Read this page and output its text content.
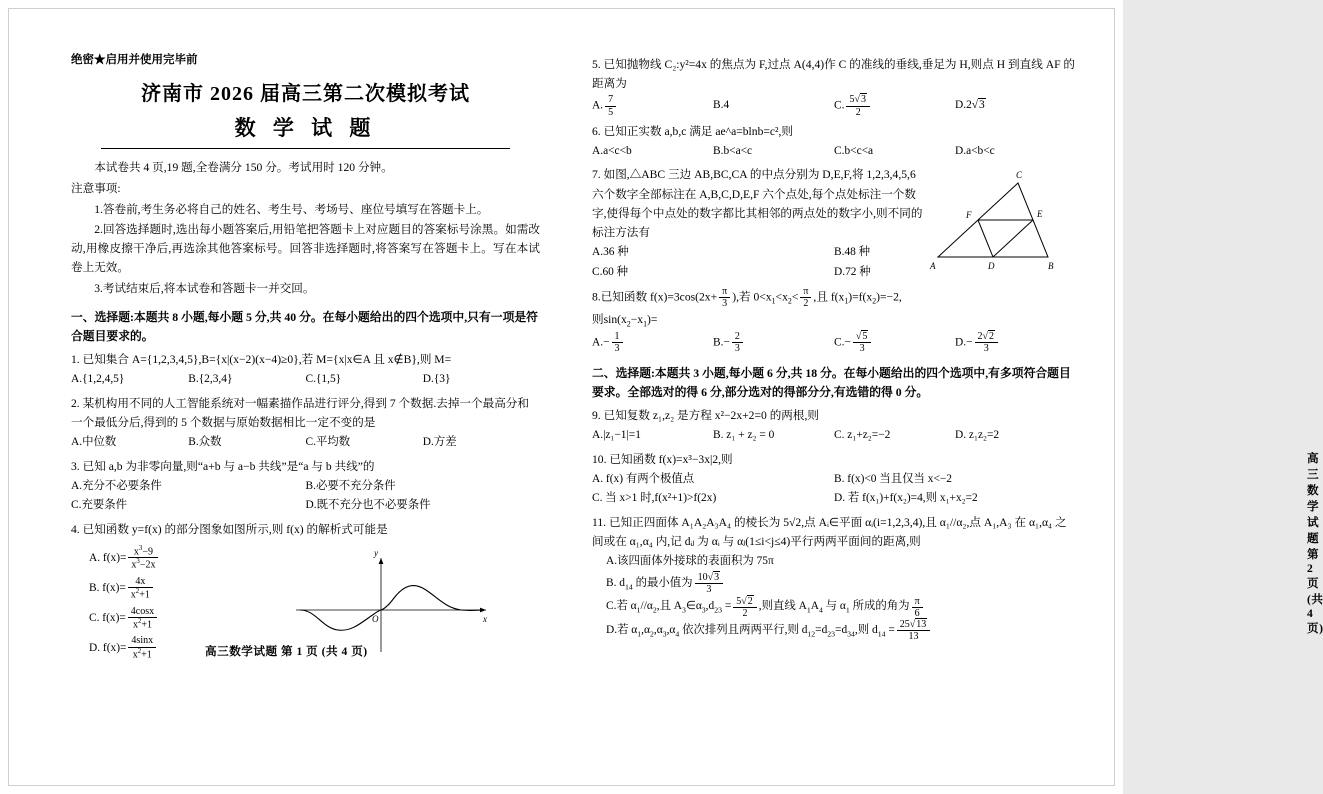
绝密★启用并使用完毕前
济南市 2026 届高三第二次模拟考试
数 学 试 题
本试卷共 4 页,19 题,全卷满分 150 分。考试用时 120 分钟。
注意事项:
1.答卷前,考生务必将自己的姓名、考生号、考场号、座位号填写在答题卡上。
2.回答选择题时,选出每小题答案后,用铅笔把答题卡上对应题目的答案标号涂黑。如需改动,用橡皮擦干净后,再选涂其他答案标号。回答非选择题时,将答案写在答题卡上。写在本试卷上无效。
3.考试结束后,将本试卷和答题卡一并交回。
一、选择题:本题共 8 小题,每小题 5 分,共 40 分。在每小题给出的四个选项中,只有一项是符合题目要求的。
1. 已知集合 A={1,2,3,4,5},B={x|(x−2)(x−4)≥0},若 M={x|x∈A 且 x∉B},则 M=
A.{1,2,4,5}	B.{2,3,4}	C.{1,5}	D.{3}
2. 某机构用不同的人工智能系统对一幅素描作品进行评分,得到 7 个数据.去掉一个最高分和一个最低分后,得到的 5 个数据与原始数据相比一定不变的是
A.中位数	B.众数	C.平均数	D.方差
3. 已知 a,b 为非零向量,则“a+b 与 a−b 共线”是“a 与 b 共线”的
A.充分不必要条件	B.必要不充分条件
C.充要条件	D.既不充分也不必要条件
4. 已知函数 y=f(x) 的部分图象如图所示,则 f(x) 的解析式可能是
A. $f(x)= \frac{x^3-9}{x^3-2x}$
B. $f(x)= \frac{4x}{x^2+1}$
C. $f(x)= \frac{4\cos x}{x^2+1}$
D. $f(x)= \frac{4\sin x}{x^2+1}$
y
x
O
高三数学试题 第 1 页 (共 4 页)
5. 已知抛物线 C₂:y²=4x 的焦点为 F,过点 A(4,4)作 C 的准线的垂线,垂足为 H,则点 H 到直线 AF 的距离为
A. $\frac{7}{5}$	B.4	C. $\frac{5√3}{2}$	D.2√3
6. 已知正实数 a,b,c 满足 ae^a=blnb=c²,则
A.a<c<b	B.b<a<c	C.b<c<a	D.a<b<c
7. 如图,△ABC 三边 AB,BC,CA 的中点分别为 D,E,F,将 1,2,3,4,5,6 六个数字全部标注在 A,B,C,D,E,F 六个点处,每个点处标注一个数字,使得每个中点处的数字都比其相邻的两点处的数字小,则不同的标注方法有
A	D	B
C
F	E
A.36 种	B.48 种
C.60 种	D.72 种
8.已知函数 $f(x)=3\cos(2x+ \frac{\pi}{3}$ ),若 $0<x_1<x_2< \frac{\pi}{2}$ ,且 $f(x_1)=f(x_2)=-2$,
则$\sin(x_2-x_1)=$
$A.- \frac{1}{3}$	$B.- \frac{2}{3}$	$C.- \frac{√5}{3}$	$D.- \frac{2√2}{3}$
二、选择题:本题共 3 小题,每小题 6 分,共 18 分。在每小题给出的四个选项中,有多项符合题目要求。全部选对的得 6 分,部分选对的得部分分,有选错的得 0 分。
9. 已知复数 z₁,z₂ 是方程 x²−2x+2=0 的两根,则
A.|z₁−1|=1	B. z₁ + z₂ = 0	C. z₁+z₂=−2	D. z₁z₂=2
10. 已知函数 f(x)=x³−3x|2,则
A. f(x) 有两个极值点	B. f(x)<0 当且仅当 x<−2
C. 当 x>1 时,f(x²+1)>f(2x)	D. 若 f(x₁)+f(x₂)=4,则 x₁+x₂=2
11. 已知正四面体 A₁A₂A₃A₄ 的棱长为 5√2,点 Aᵢ∈平面 αᵢ(i=1,2,3,4),且 α₁//α₂,点 A₁,A₃ 在 α₁,α₄ 之间或在 α₁,α₄ 内,记 dᵢⱼ 为 αᵢ 与 αⱼ(1≤i<j≤4)平行两两平面间的距离,则
A.该四面体外接球的表面积为 75π
B. $d_{14}$ 的最小值为 $\frac{10√3}{3}$
C.若 $\alpha_1//\alpha_2$,且 $A_3\in\alpha_3,d_{23} = \frac{5√2}{2}$ ,则直线 $A_1A_4$ 与 $\alpha_1$ 所成的角为 $\frac{\pi}{6}$
D.若 $\alpha_1,\alpha_2,\alpha_3,\alpha_4$ 依次排列且两两平行,则 $d_{12}=d_{23}=d_{34}$,则 $d_{14} = \frac{25√13}{13}$
高三数学试题 第 2 页 (共 4 页)
